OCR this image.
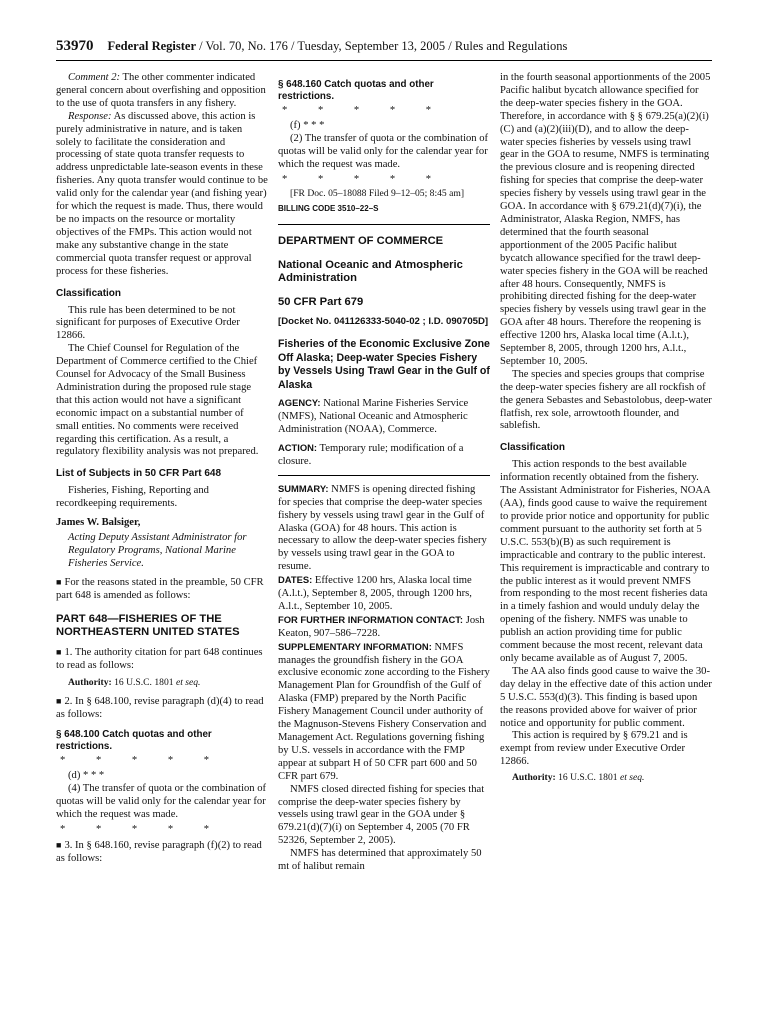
53970 Federal Register / Vol. 70, No. 176 / Tuesday, September 13, 2005 / Rules and Regulations

Comment 2: The other commenter indicated general concern about overfishing and opposition to the use of quota transfers in any fishery.

Response: As discussed above, this action is purely administrative in nature, and is taken solely to facilitate the consideration and processing of state quota transfer requests to address unpredictable late-season events in these fisheries. Any quota transfer would continue to be valid only for the calendar year (and fishing year) for which the request is made. Thus, there would be no impacts on the resource or mortality objectives of the FMPs. This action would not make any substantive change in the state commercial quota transfer request or approval process for these fisheries.

Classification

This rule has been determined to be not significant for purposes of Executive Order 12866.

The Chief Counsel for Regulation of the Department of Commerce certified to the Chief Counsel for Advocacy of the Small Business Administration during the proposed rule stage that this action would not have a significant economic impact on a substantial number of small entities. No comments were received regarding this certification. As a result, a regulatory flexibility analysis was not prepared.

List of Subjects in 50 CFR Part 648

Fisheries, Fishing, Reporting and recordkeeping requirements.

James W. Balsiger,

Acting Deputy Assistant Administrator for Regulatory Programs, National Marine Fisheries Service.

■ For the reasons stated in the preamble, 50 CFR part 648 is amended as follows:

PART 648—FISHERIES OF THE NORTHEASTERN UNITED STATES

■ 1. The authority citation for part 648 continues to read as follows:

Authority: 16 U.S.C. 1801 et seq.

■ 2. In § 648.100, revise paragraph (d)(4) to read as follows:

§ 648.100 Catch quotas and other restrictions.

* * * * *

(d) * * *

(4) The transfer of quota or the combination of quotas will be valid only for the calendar year for which the request was made.

* * * * *

■ 3. In § 648.160, revise paragraph (f)(2) to read as follows:

§ 648.160 Catch quotas and other restrictions.

* * * * *

(f) * * *

(2) The transfer of quota or the combination of quotas will be valid only for the calendar year for which the request was made.

* * * * *

[FR Doc. 05–18088 Filed 9–12–05; 8:45 am]

BILLING CODE 3510–22–S

DEPARTMENT OF COMMERCE

National Oceanic and Atmospheric Administration

50 CFR Part 679

[Docket No. 041126333-5040-02 ; I.D. 090705D]

Fisheries of the Economic Exclusive Zone Off Alaska; Deep-water Species Fishery by Vessels Using Trawl Gear in the Gulf of Alaska

AGENCY: National Marine Fisheries Service (NMFS), National Oceanic and Atmospheric Administration (NOAA), Commerce.

ACTION: Temporary rule; modification of a closure.

SUMMARY: NMFS is opening directed fishing for species that comprise the deep-water species fishery by vessels using trawl gear in the Gulf of Alaska (GOA) for 48 hours. This action is necessary to allow the deep-water species fishery by vessels using trawl gear in the GOA to resume.

DATES: Effective 1200 hrs, Alaska local time (A.l.t.), September 8, 2005, through 1200 hrs, A.l.t., September 10, 2005.

FOR FURTHER INFORMATION CONTACT: Josh Keaton, 907–586–7228.

SUPPLEMENTARY INFORMATION: NMFS manages the groundfish fishery in the GOA exclusive economic zone according to the Fishery Management Plan for Groundfish of the Gulf of Alaska (FMP) prepared by the North Pacific Fishery Management Council under authority of the Magnuson-Stevens Fishery Conservation and Management Act. Regulations governing fishing by U.S. vessels in accordance with the FMP appear at subpart H of 50 CFR part 600 and 50 CFR part 679.

NMFS closed directed fishing for species that comprise the deep-water species fishery by vessels using trawl gear in the GOA under § 679.21(d)(7)(i) on September 4, 2005 (70 FR 52326, September 2, 2005).

NMFS has determined that approximately 50 mt of halibut remain

in the fourth seasonal apportionments of the 2005 Pacific halibut bycatch allowance specified for the deep-water species fishery in the GOA. Therefore, in accordance with § § 679.25(a)(2)(i)(C) and (a)(2)(iii)(D), and to allow the deep-water species fisheries by vessels using trawl gear in the GOA to resume, NMFS is terminating the previous closure and is reopening directed fishing for species that comprise the deep-water species fishery by vessels using trawl gear in the GOA. In accordance with § 679.21(d)(7)(i), the Administrator, Alaska Region, NMFS, has determined that the fourth seasonal apportionment of the 2005 Pacific halibut bycatch allowance specified for the trawl deep-water species fishery in the GOA will be reached after 48 hours. Consequently, NMFS is prohibiting directed fishing for the deep-water species fishery by vessels using trawl gear in the GOA after 48 hours. Therefore the reopening is effective 1200 hrs, Alaska local time (A.l.t.), September 8, 2005, through 1200 hrs, A.l.t., September 10, 2005.

The species and species groups that comprise the deep-water species fishery are all rockfish of the genera Sebastes and Sebastolobus, deep-water flatfish, rex sole, arrowtooth flounder, and sablefish.

Classification

This action responds to the best available information recently obtained from the fishery. The Assistant Administrator for Fisheries, NOAA (AA), finds good cause to waive the requirement to provide prior notice and opportunity for public comment pursuant to the authority set forth at 5 U.S.C. 553(b)(B) as such requirement is impracticable and contrary to the public interest. This requirement is impracticable and contrary to the public interest as it would prevent NMFS from responding to the most recent fisheries data in a timely fashion and would unduly delay the opening of the fishery. NMFS was unable to publish an action providing time for public comment because the most recent, relevant data only became available as of August 7, 2005.

The AA also finds good cause to waive the 30-day delay in the effective date of this action under 5 U.S.C. 553(d)(3). This finding is based upon the reasons provided above for waiver of prior notice and opportunity for public comment.

This action is required by § 679.21 and is exempt from review under Executive Order 12866.

Authority: 16 U.S.C. 1801 et seq.
